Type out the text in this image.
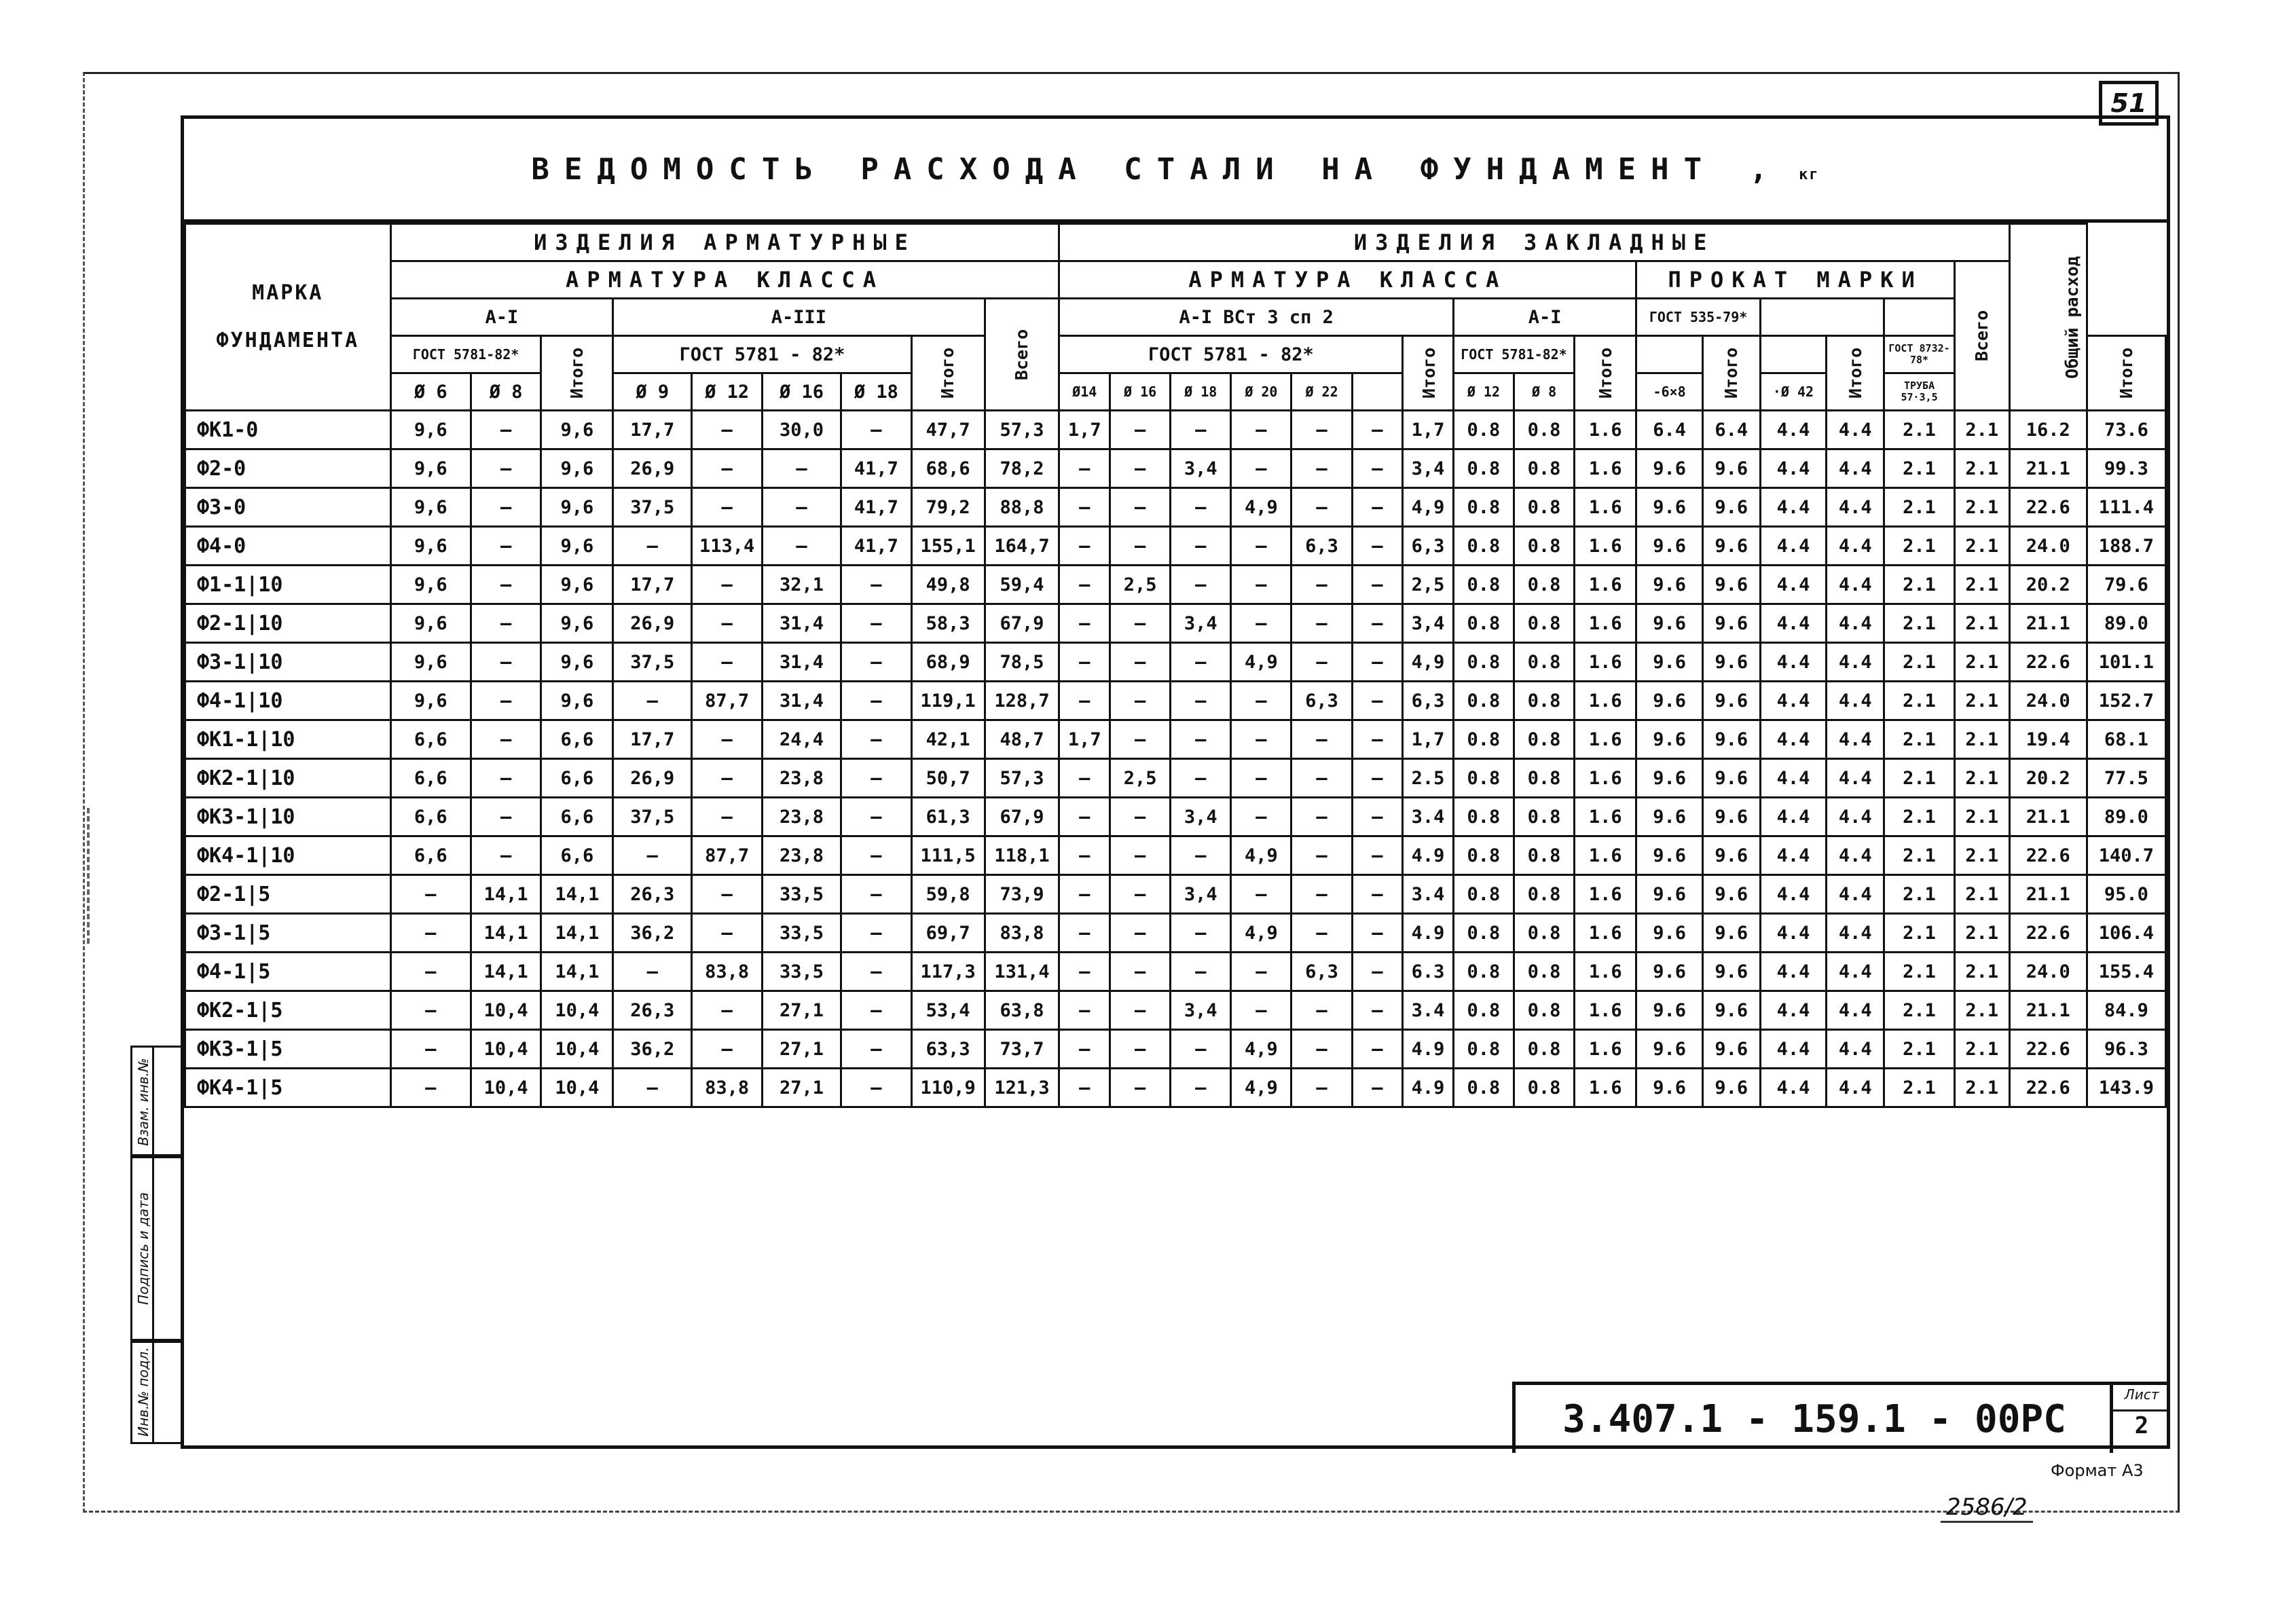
51
ВЕДОМОСТЬ РАСХОДА СТАЛИ НА ФУНДАМЕНТ , кг
МАРКА ФУНДАМЕНТА	ИЗДЕЛИЯ АРМАТУРНЫЕ									ИЗДЕЛИЯ ЗАКЛАДНЫЕ																Общий расход	
	АРМАТУРА КЛАССА									АРМАТУРА КЛАССА										ПРОКАТ МАРКИ					Всего		
	А-I			А-III					Всего	А-I ВСт 3 сп 2							А-I			ГОСТ 535-79*							
	ГОСТ 5781-82*		Итого	ГОСТ 5781 - 82*				Итого		ГОСТ 5781 - 82*						Итого	ГОСТ 5781-82*		Итого		Итого		Итого	ГОСТ 8732-78*			Итого
	Ø 6	Ø 8		Ø 9	Ø 12	Ø 16	Ø 18			Ø14	Ø 16	Ø 18	Ø 20	Ø 22			Ø 12	Ø 8		-6×8		·Ø 42		ТРУБА 57·3,5			
ФК1-0	9,6	—	9,6	17,7	—	30,0	—	47,7	57,3	1,7	—	—	—	—	—	1,7	0.8	0.8	1.6	6.4	6.4	4.4	4.4	2.1	2.1	16.2	73.6
Ф2-0	9,6	—	9,6	26,9	—	—	41,7	68,6	78,2	—	—	3,4	—	—	—	3,4	0.8	0.8	1.6	9.6	9.6	4.4	4.4	2.1	2.1	21.1	99.3
Ф3-0	9,6	—	9,6	37,5	—	—	41,7	79,2	88,8	—	—	—	4,9	—	—	4,9	0.8	0.8	1.6	9.6	9.6	4.4	4.4	2.1	2.1	22.6	111.4
Ф4-0	9,6	—	9,6	—	113,4	—	41,7	155,1	164,7	—	—	—	—	6,3	—	6,3	0.8	0.8	1.6	9.6	9.6	4.4	4.4	2.1	2.1	24.0	188.7
Ф1-1|10	9,6	—	9,6	17,7	—	32,1	—	49,8	59,4	—	2,5	—	—	—	—	2,5	0.8	0.8	1.6	9.6	9.6	4.4	4.4	2.1	2.1	20.2	79.6
Ф2-1|10	9,6	—	9,6	26,9	—	31,4	—	58,3	67,9	—	—	3,4	—	—	—	3,4	0.8	0.8	1.6	9.6	9.6	4.4	4.4	2.1	2.1	21.1	89.0
Ф3-1|10	9,6	—	9,6	37,5	—	31,4	—	68,9	78,5	—	—	—	4,9	—	—	4,9	0.8	0.8	1.6	9.6	9.6	4.4	4.4	2.1	2.1	22.6	101.1
Ф4-1|10	9,6	—	9,6	—	87,7	31,4	—	119,1	128,7	—	—	—	—	6,3	—	6,3	0.8	0.8	1.6	9.6	9.6	4.4	4.4	2.1	2.1	24.0	152.7
ФК1-1|10	6,6	—	6,6	17,7	—	24,4	—	42,1	48,7	1,7	—	—	—	—	—	1,7	0.8	0.8	1.6	9.6	9.6	4.4	4.4	2.1	2.1	19.4	68.1
ФК2-1|10	6,6	—	6,6	26,9	—	23,8	—	50,7	57,3	—	2,5	—	—	—	—	2.5	0.8	0.8	1.6	9.6	9.6	4.4	4.4	2.1	2.1	20.2	77.5
ФК3-1|10	6,6	—	6,6	37,5	—	23,8	—	61,3	67,9	—	—	3,4	—	—	—	3.4	0.8	0.8	1.6	9.6	9.6	4.4	4.4	2.1	2.1	21.1	89.0
ФК4-1|10	6,6	—	6,6	—	87,7	23,8	—	111,5	118,1	—	—	—	4,9	—	—	4.9	0.8	0.8	1.6	9.6	9.6	4.4	4.4	2.1	2.1	22.6	140.7
Ф2-1|5	—	14,1	14,1	26,3	—	33,5	—	59,8	73,9	—	—	3,4	—	—	—	3.4	0.8	0.8	1.6	9.6	9.6	4.4	4.4	2.1	2.1	21.1	95.0
Ф3-1|5	—	14,1	14,1	36,2	—	33,5	—	69,7	83,8	—	—	—	4,9	—	—	4.9	0.8	0.8	1.6	9.6	9.6	4.4	4.4	2.1	2.1	22.6	106.4
Ф4-1|5	—	14,1	14,1	—	83,8	33,5	—	117,3	131,4	—	—	—	—	6,3	—	6.3	0.8	0.8	1.6	9.6	9.6	4.4	4.4	2.1	2.1	24.0	155.4
ФК2-1|5	—	10,4	10,4	26,3	—	27,1	—	53,4	63,8	—	—	3,4	—	—	—	3.4	0.8	0.8	1.6	9.6	9.6	4.4	4.4	2.1	2.1	21.1	84.9
ФК3-1|5	—	10,4	10,4	36,2	—	27,1	—	63,3	73,7	—	—	—	4,9	—	—	4.9	0.8	0.8	1.6	9.6	9.6	4.4	4.4	2.1	2.1	22.6	96.3
ФК4-1|5	—	10,4	10,4	—	83,8	27,1	—	110,9	121,3	—	—	—	4,9	—	—	4.9	0.8	0.8	1.6	9.6	9.6	4.4	4.4	2.1	2.1	22.6	143.9
3.407.1 - 159.1 - 00РС
Лист
2
Взам. инв.№
Подпись и дата
Инв.№ подл.
Формат А3
2586/2
